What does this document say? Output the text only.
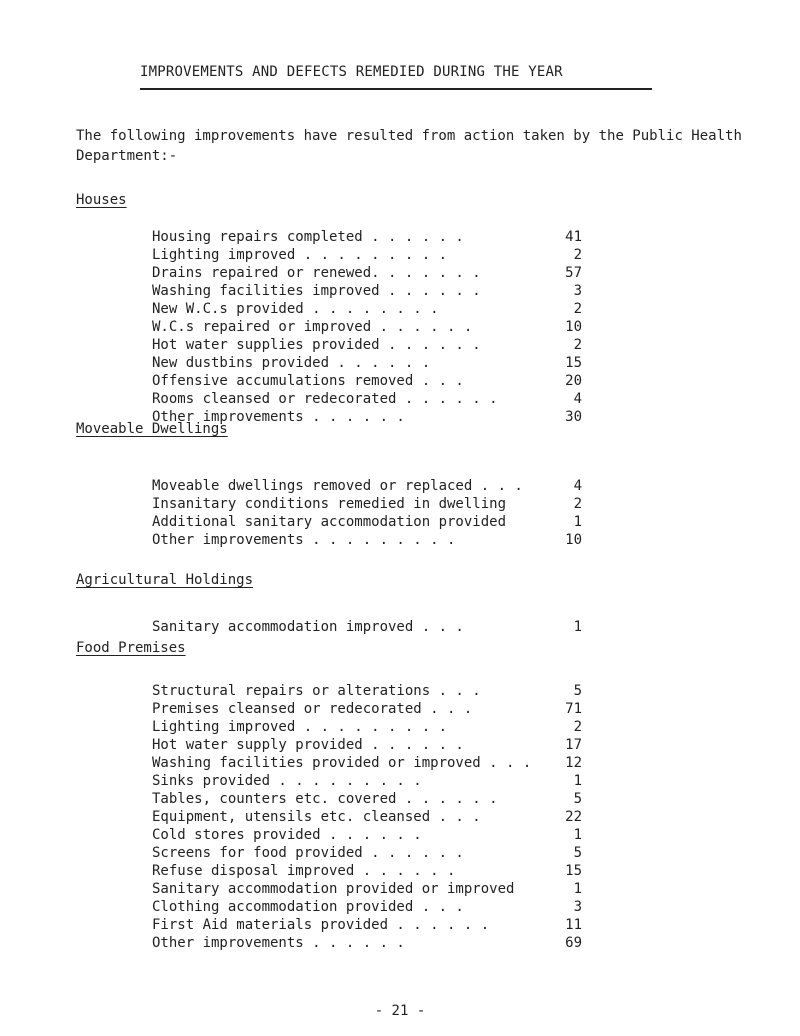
IMPROVEMENTS AND DEFECTS REMEDIED DURING THE YEAR
The following improvements have resulted from action taken by the Public Health Department:-
Houses
Housing repairs completed . . . . . .	41
Lighting improved . . . . . . . . .	2
Drains repaired or renewed. . . . . . .	57
Washing facilities improved . . . . . .	3
New W.C.s provided . . . . . . . .	2
W.C.s repaired or improved . . . . . .	10
Hot water supplies provided . . . . . .	2
New dustbins provided . . . . . .	15
Offensive accumulations removed . . .	20
Rooms cleansed or redecorated . . . . . .	4
Other improvements . . . . . .	30
Moveable Dwellings
Moveable dwellings removed or replaced . . .	4
Insanitary conditions remedied in dwelling	2
Additional sanitary accommodation provided	1
Other improvements . . . . . . . . .	10
Agricultural Holdings
Sanitary accommodation improved . . .	1
Food Premises
Structural repairs or alterations . . .	5
Premises cleansed or redecorated . . .	71
Lighting improved . . . . . . . . .	2
Hot water supply provided . . . . . .	17
Washing facilities provided or improved . . . 12
Sinks provided . . . . . . . . .	1
Tables, counters etc. covered . . . . . .	5
Equipment, utensils etc. cleansed . . .	22
Cold stores provided . . . . . .	1
Screens for food provided . . . . . .	5
Refuse disposal improved . . . . . .	15
Sanitary accommodation provided or improved	1
Clothing accommodation provided . . .	3
First Aid materials provided . . . . . .	11
Other improvements . . . . . .	69
- 21 -
